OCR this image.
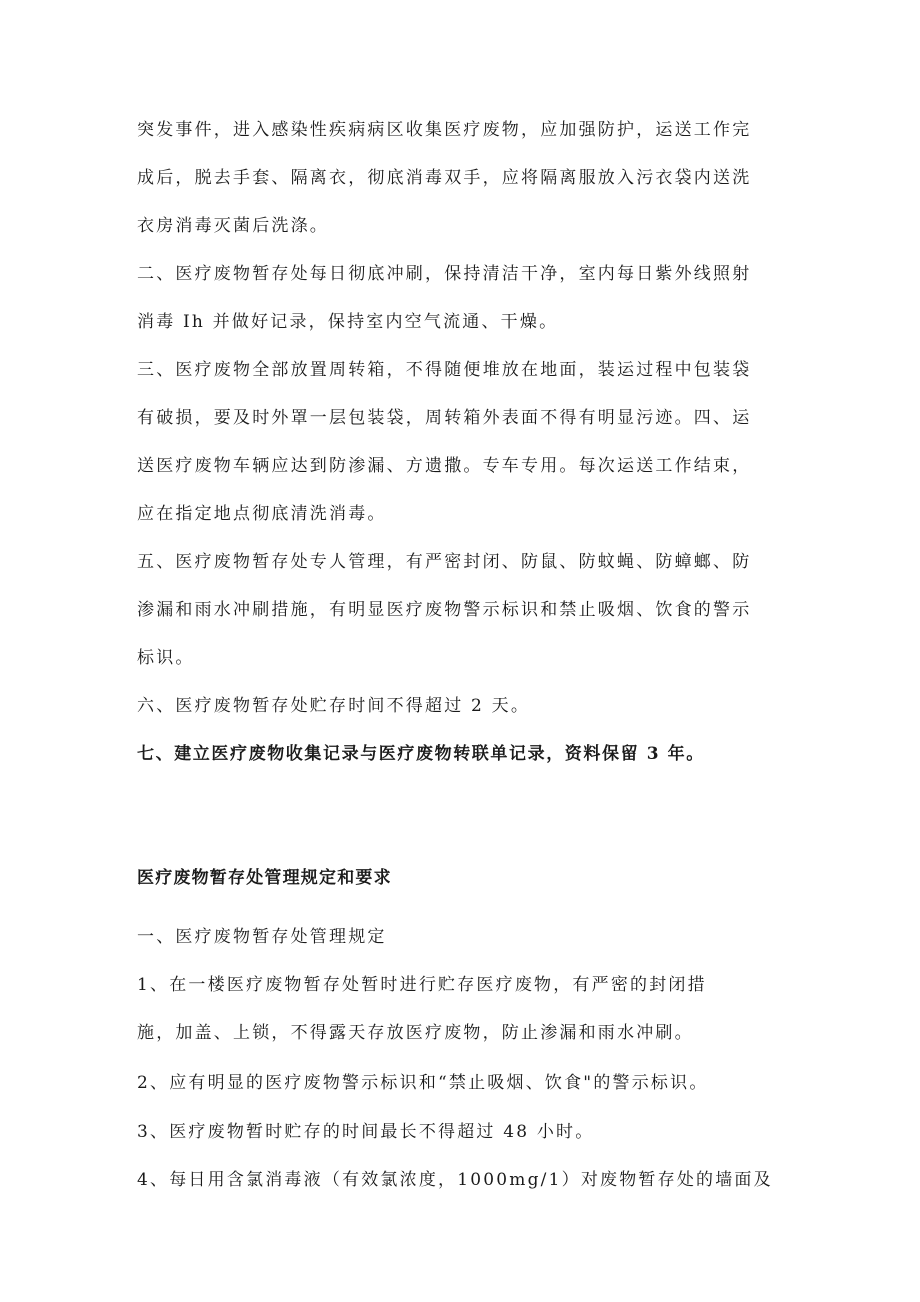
突发事件，进入感染性疾病病区收集医疗废物，应加强防护，运送工作完

成后，脱去手套、隔离衣，彻底消毒双手，应将隔离服放入污衣袋内送洗

衣房消毒灭菌后洗涤。

二、医疗废物暂存处每日彻底冲刷，保持清洁干净，室内每日紫外线照射

消毒 Ih 并做好记录，保持室内空气流通、干燥。

三、医疗废物全部放置周转箱，不得随便堆放在地面，装运过程中包装袋

有破损，要及时外罩一层包装袋，周转箱外表面不得有明显污迹。四、运

送医疗废物车辆应达到防渗漏、方遗撒。专车专用。每次运送工作结束，

应在指定地点彻底清洗消毒。

五、医疗废物暂存处专人管理，有严密封闭、防鼠、防蚊蝇、防蟑螂、防

渗漏和雨水冲刷措施，有明显医疗废物警示标识和禁止吸烟、饮食的警示

标识。

六、医疗废物暂存处贮存时间不得超过 2 天。

七、建立医疗废物收集记录与医疗废物转联单记录，资料保留 3 年。

医疗废物暂存处管理规定和要求

一、医疗废物暂存处管理规定

1、在一楼医疗废物暂存处暂时进行贮存医疗废物，有严密的封闭措

施，加盖、上锁，不得露天存放医疗废物，防止渗漏和雨水冲刷。

2、应有明显的医疗废物警示标识和“禁止吸烟、饮食"的警示标识。

3、医疗废物暂时贮存的时间最长不得超过 48 小时。

4、每日用含氯消毒液（有效氯浓度，1000mg/1）对废物暂存处的墙面及
